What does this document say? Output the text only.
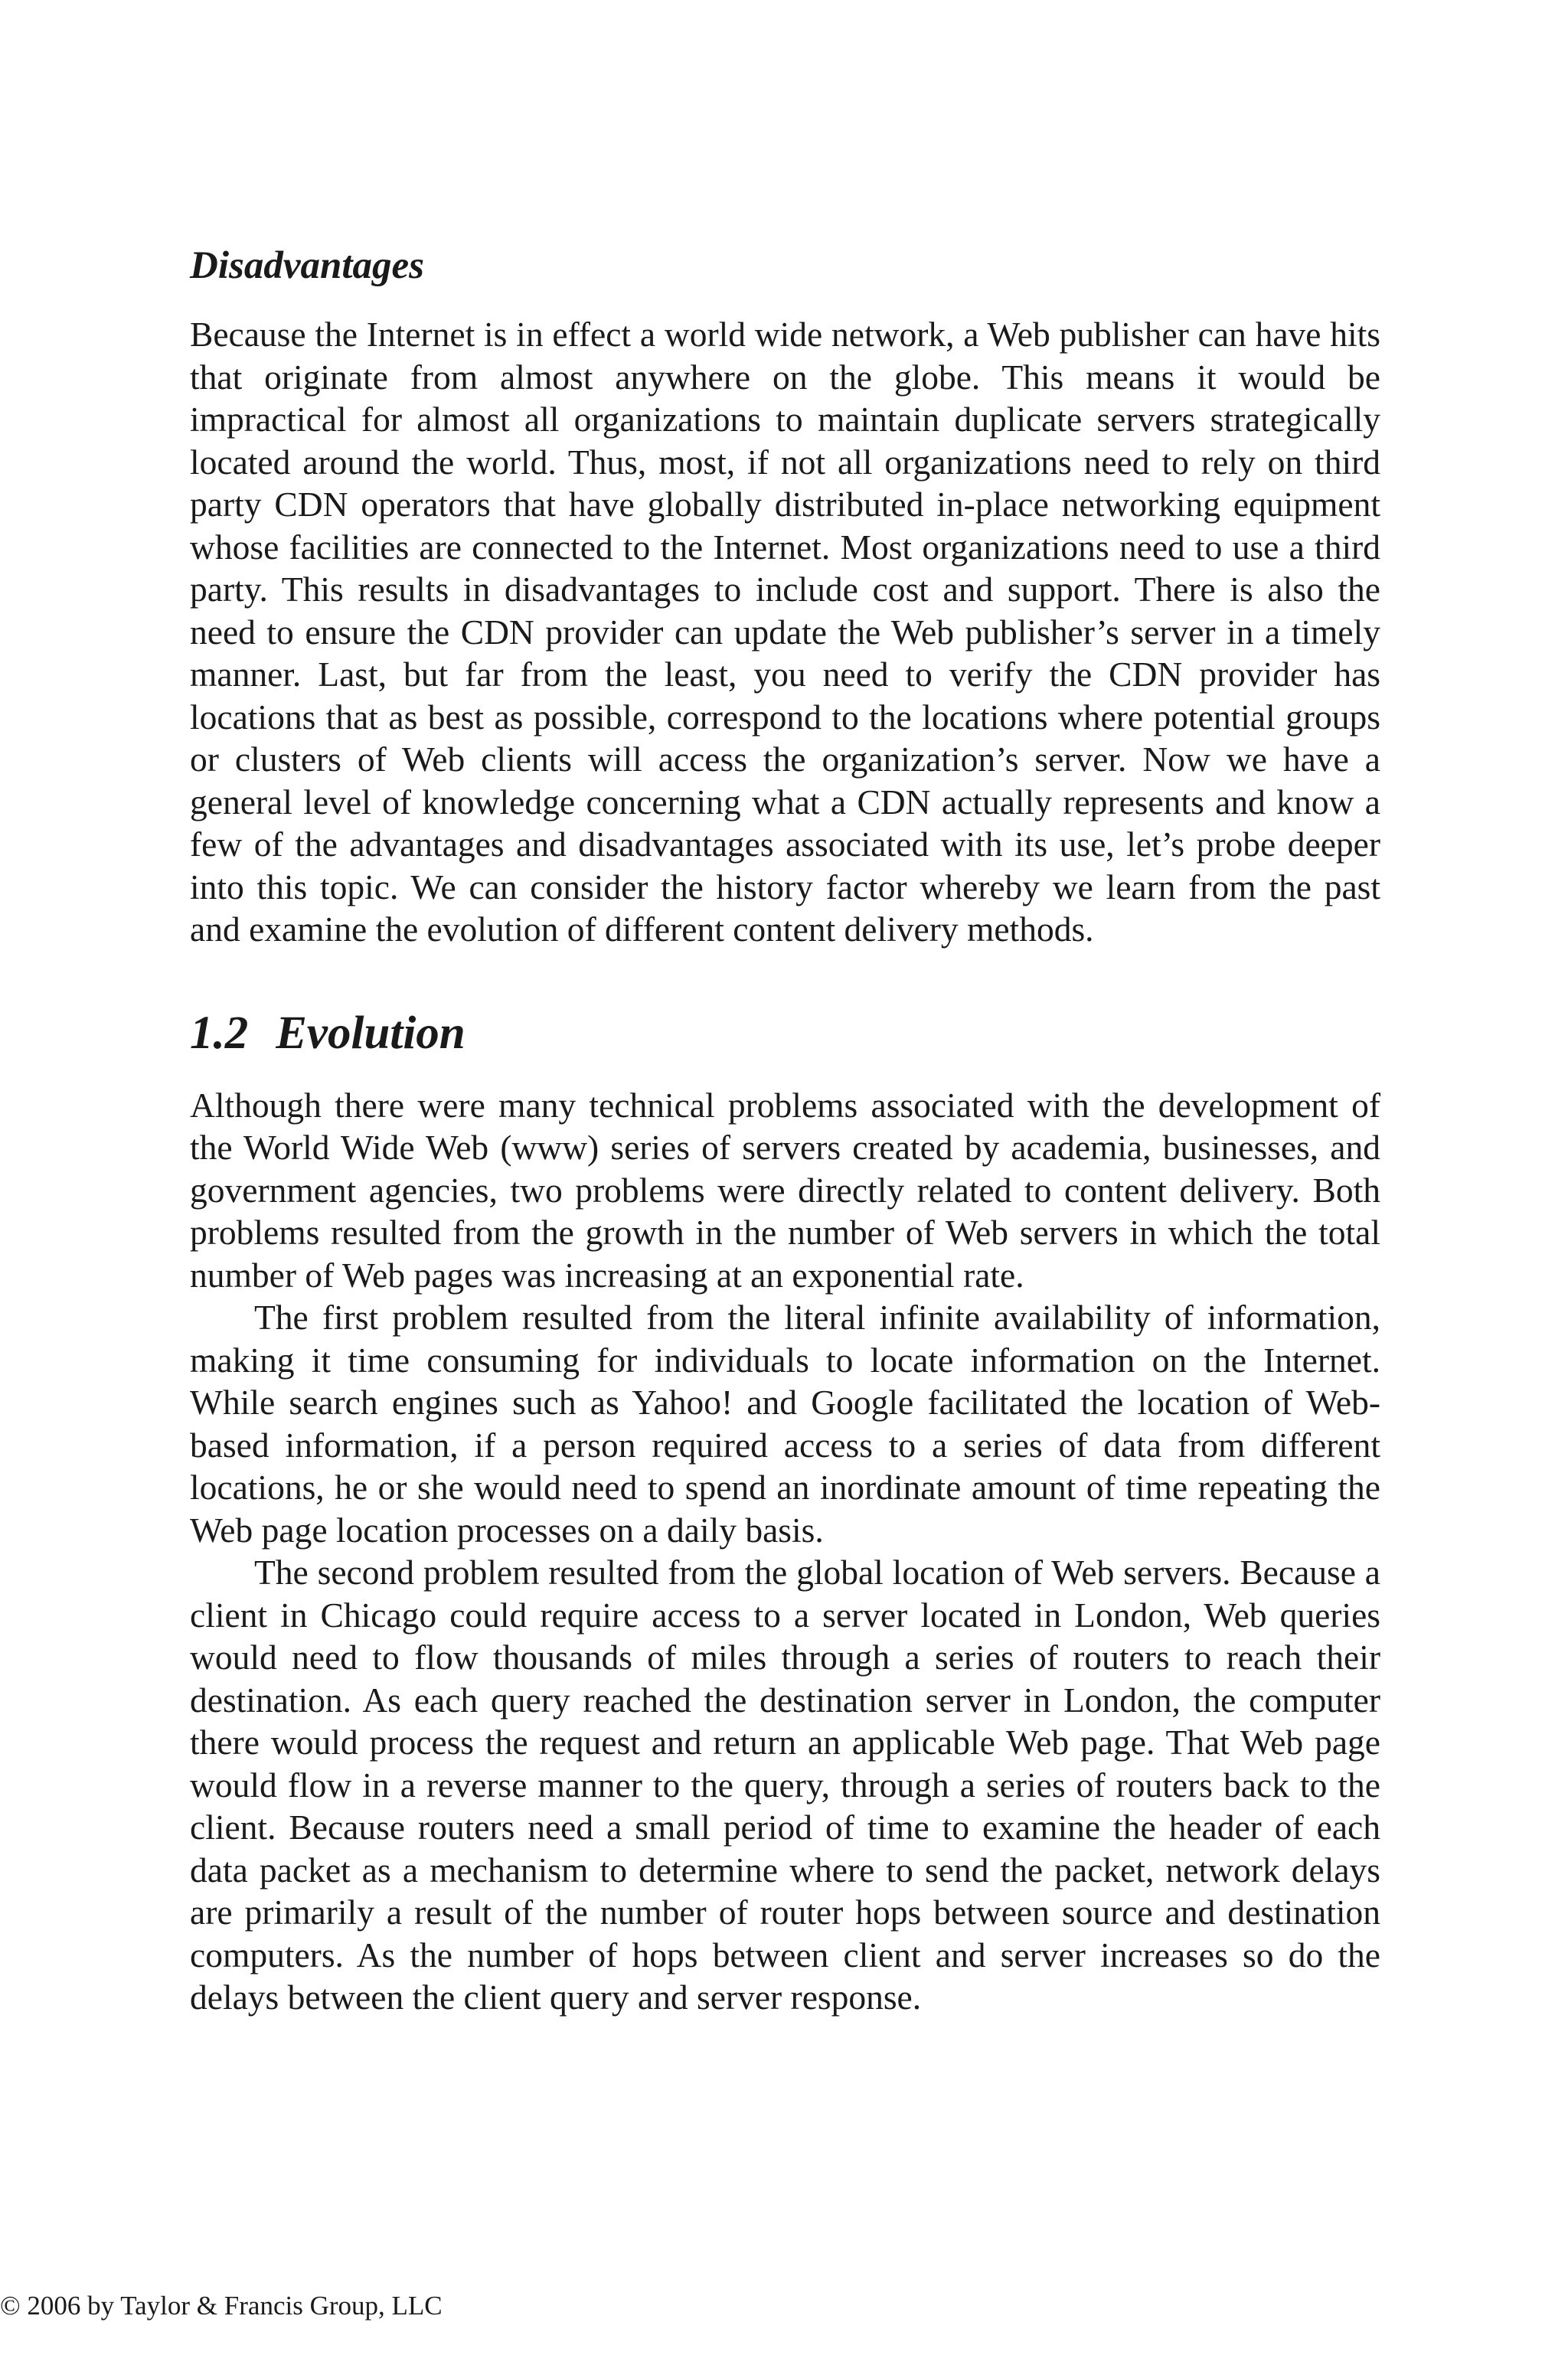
Disadvantages

Because the Internet is in effect a world wide network, a Web publisher can have hits that originate from almost anywhere on the globe. This means it would be impractical for almost all organizations to maintain duplicate servers strategically located around the world. Thus, most, if not all organizations need to rely on third party CDN operators that have globally distributed in-place networking equipment whose facilities are connected to the Internet. Most organizations need to use a third party. This results in disadvantages to include cost and support. There is also the need to ensure the CDN provider can update the Web publisher’s server in a timely manner. Last, but far from the least, you need to verify the CDN provider has locations that as best as possible, correspond to the locations where potential groups or clusters of Web clients will access the organization’s server. Now we have a general level of knowledge concerning what a CDN actually represents and know a few of the advantages and disadvantages associated with its use, let’s probe deeper into this topic. We can consider the history factor whereby we learn from the past and examine the evolution of different content delivery methods.

1.2 Evolution

Although there were many technical problems associated with the development of the World Wide Web (www) series of servers created by academia, businesses, and government agencies, two problems were directly related to content delivery. Both problems resulted from the growth in the number of Web servers in which the total number of Web pages was increasing at an exponential rate.

The first problem resulted from the literal infinite availability of information, making it time consuming for individuals to locate information on the Internet. While search engines such as Yahoo! and Google facilitated the location of Web-based information, if a person required access to a series of data from different locations, he or she would need to spend an inordinate amount of time repeating the Web page location processes on a daily basis.

The second problem resulted from the global location of Web servers. Because a client in Chicago could require access to a server located in London, Web queries would need to flow thousands of miles through a series of routers to reach their destination. As each query reached the destination server in London, the computer there would process the request and return an applicable Web page. That Web page would flow in a reverse manner to the query, through a series of routers back to the client. Because routers need a small period of time to examine the header of each data packet as a mechanism to determine where to send the packet, network delays are primarily a result of the number of router hops between source and destination computers. As the number of hops between client and server increases so do the delays between the client query and server response.

© 2006 by Taylor & Francis Group, LLC
